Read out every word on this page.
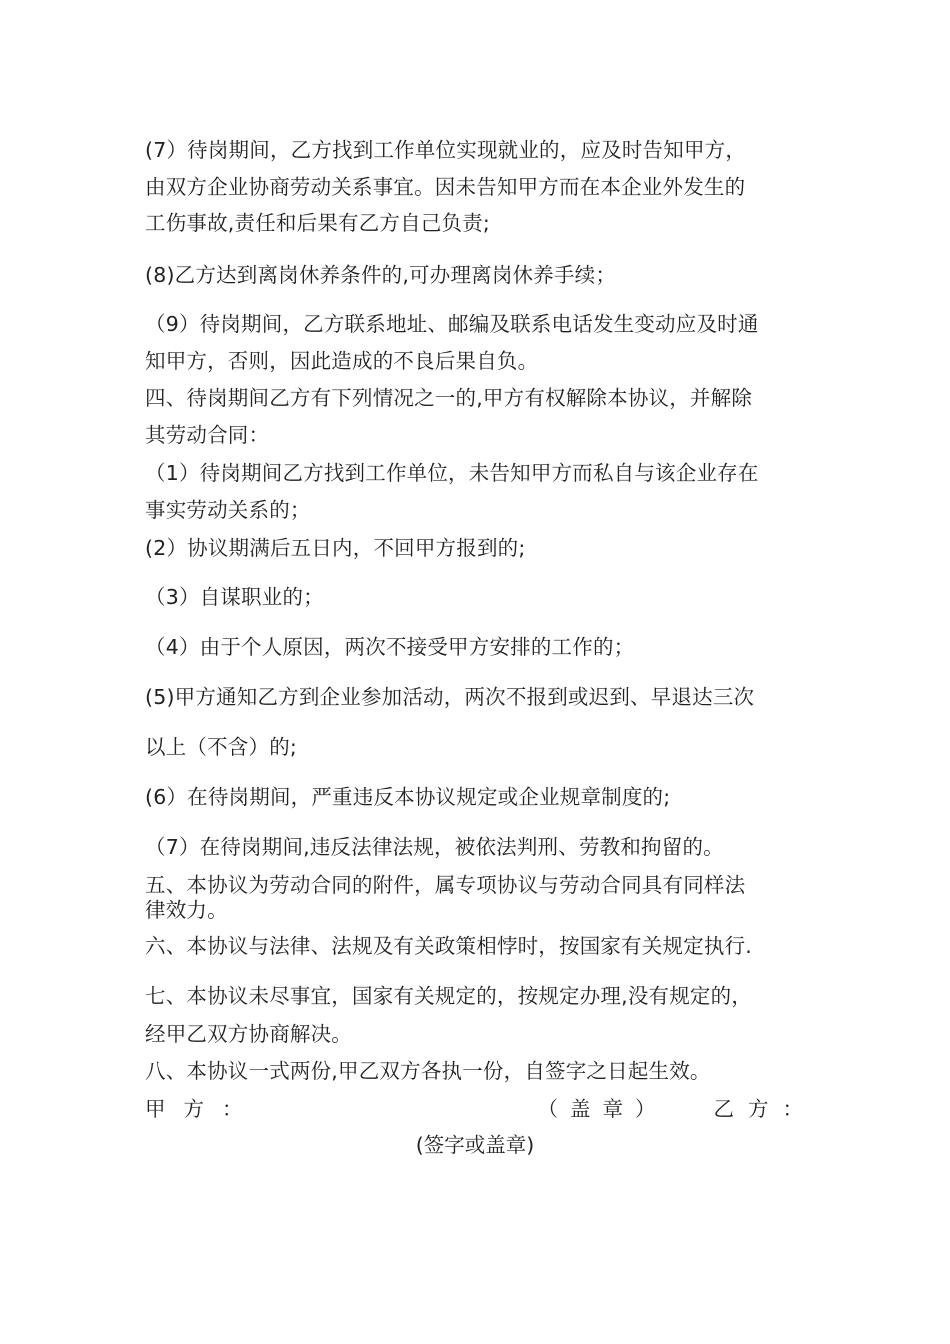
(7）待岗期间，乙方找到工作单位实现就业的，应及时告知甲方，
由双方企业协商劳动关系事宜。因未告知甲方而在本企业外发生的
工伤事故,责任和后果有乙方自己负责;
(8)乙方达到离岗休养条件的,可办理离岗休养手续；
（9）待岗期间，乙方联系地址、邮编及联系电话发生变动应及时通
知甲方，否则，因此造成的不良后果自负。
四、待岗期间乙方有下列情况之一的,甲方有权解除本协议，并解除
其劳动合同：
（1）待岗期间乙方找到工作单位，未告知甲方而私自与该企业存在
事实劳动关系的；
(2）协议期满后五日内，不回甲方报到的;
（3）自谋职业的；
（4）由于个人原因，两次不接受甲方安排的工作的；
(5)甲方通知乙方到企业参加活动，两次不报到或迟到、早退达三次
以上（不含）的;
(6）在待岗期间，严重违反本协议规定或企业规章制度的;
（7）在待岗期间,违反法律法规，被依法判刑、劳教和拘留的。
五、本协议为劳动合同的附件，属专项协议与劳动合同具有同样法
律效力。
六、本协议与法律、法规及有关政策相悖时，按国家有关规定执行.
七、本协议未尽事宜，国家有关规定的，按规定办理,没有规定的，
经甲乙双方协商解决。
八、本协议一式两份,甲乙双方各执一份，自签字之日起生效。
甲方：	（盖章） 乙方：
(签字或盖章)
